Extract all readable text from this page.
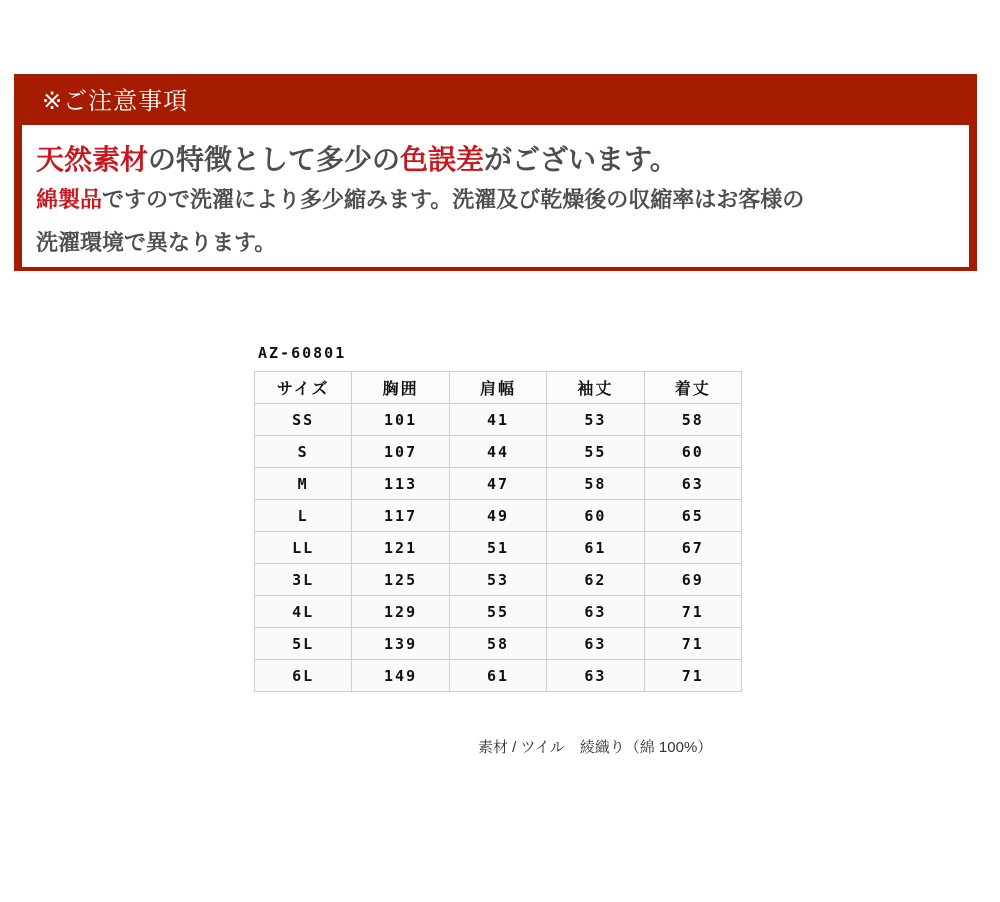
※ご注意事項
天然素材の特徴として多少の色誤差がございます。
綿製品ですので洗濯により多少縮みます。洗濯及び乾燥後の収縮率はお客様の
洗濯環境で異なります。
AZ-60801
サイズ	胸囲	肩幅	袖丈	着丈
SS	101	41	53	58
S	107	44	55	60
M	113	47	58	63
L	117	49	60	65
LL	121	51	61	67
3L	125	53	62	69
4L	129	55	63	71
5L	139	58	63	71
6L	149	61	63	71
素材 / ツイル　綾織り（綿 100%）
